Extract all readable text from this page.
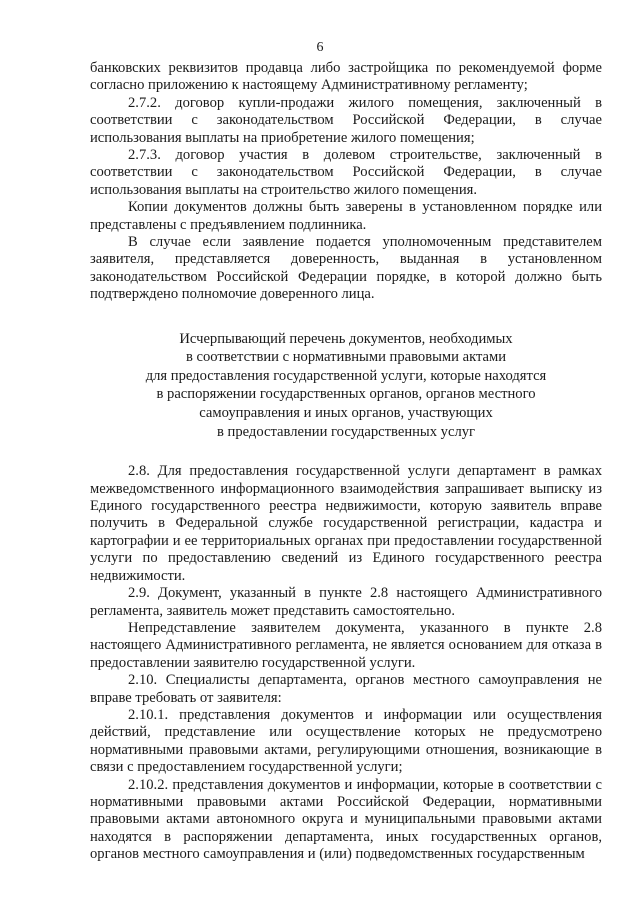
6

банковских реквизитов продавца либо застройщика по рекомендуемой форме согласно приложению к настоящему Административному регламенту;

2.7.2. договор купли-продажи жилого помещения, заключенный в соответствии с законодательством Российской Федерации, в случае использования выплаты на приобретение жилого помещения;

2.7.3. договор участия в долевом строительстве, заключенный в соответствии с законодательством Российской Федерации, в случае использования выплаты на строительство жилого помещения.

Копии документов должны быть заверены в установленном порядке или представлены с предъявлением подлинника.

В случае если заявление подается уполномоченным представителем заявителя, представляется доверенность, выданная в установленном законодательством Российской Федерации порядке, в которой должно быть подтверждено полномочие доверенного лица.

Исчерпывающий перечень документов, необходимых
в соответствии с нормативными правовыми актами
для предоставления государственной услуги, которые находятся
в распоряжении государственных органов, органов местного
самоуправления и иных органов, участвующих
в предоставлении государственных услуг

2.8. Для предоставления государственной услуги департамент в рамках межведомственного информационного взаимодействия запрашивает выписку из Единого государственного реестра недвижимости, которую заявитель вправе получить в Федеральной службе государственной регистрации, кадастра и картографии и ее территориальных органах при предоставлении государственной услуги по предоставлению сведений из Единого государственного реестра недвижимости.

2.9. Документ, указанный в пункте 2.8 настоящего Административного регламента, заявитель может представить самостоятельно.

Непредставление заявителем документа, указанного в пункте 2.8 настоящего Административного регламента, не является основанием для отказа в предоставлении заявителю государственной услуги.

2.10. Специалисты департамента, органов местного самоуправления не вправе требовать от заявителя:

2.10.1. представления документов и информации или осуществления действий, представление или осуществление которых не предусмотрено нормативными правовыми актами, регулирующими отношения, возникающие в связи с предоставлением государственной услуги;

2.10.2. представления документов и информации, которые в соответствии с нормативными правовыми актами Российской Федерации, нормативными правовыми актами автономного округа и муниципальными правовыми актами находятся в распоряжении департамента, иных государственных органов, органов местного самоуправления и (или) подведомственных государственным
